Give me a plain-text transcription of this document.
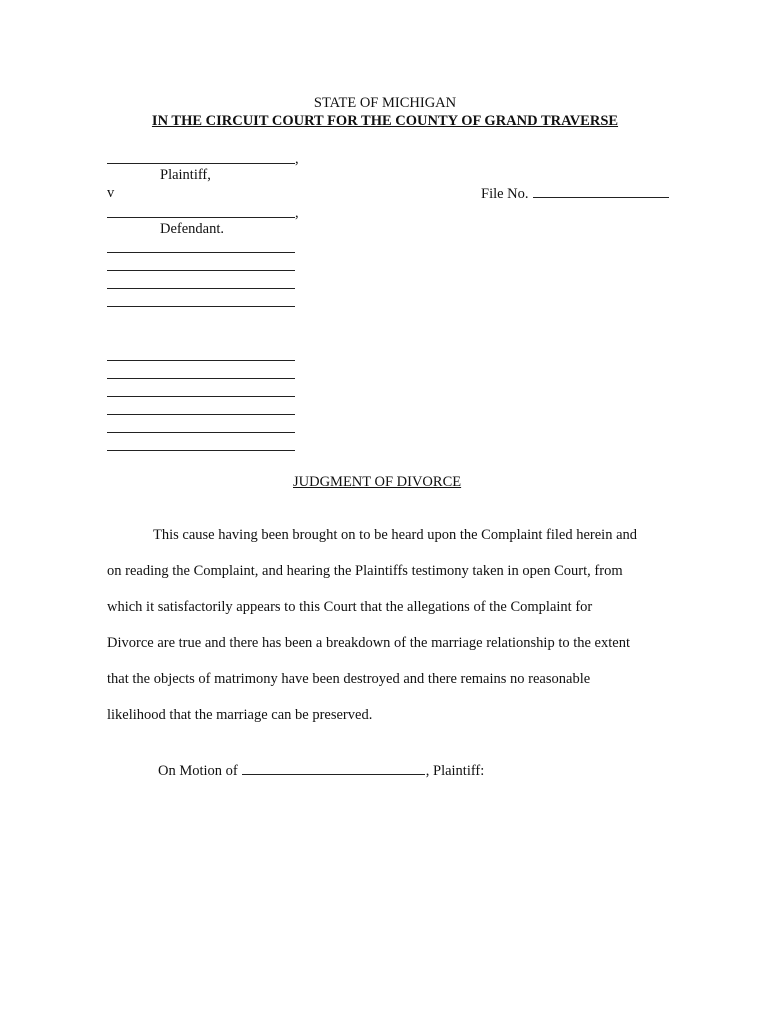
STATE OF MICHIGAN
IN THE CIRCUIT COURT FOR THE COUNTY OF GRAND TRAVERSE
,
Plaintiff,
v	File No.
,
Defendant.
JUDGMENT OF DIVORCE
This cause having been brought on to be heard upon the Complaint filed herein and
on reading the Complaint, and hearing the Plaintiffs testimony taken in open Court, from
which it satisfactorily appears to this Court that the allegations of the Complaint for
Divorce are true and there has been a breakdown of the marriage relationship to the extent
that the objects of matrimony have been destroyed and there remains no reasonable
likelihood that the marriage can be preserved.
On Motion of	, Plaintiff:
